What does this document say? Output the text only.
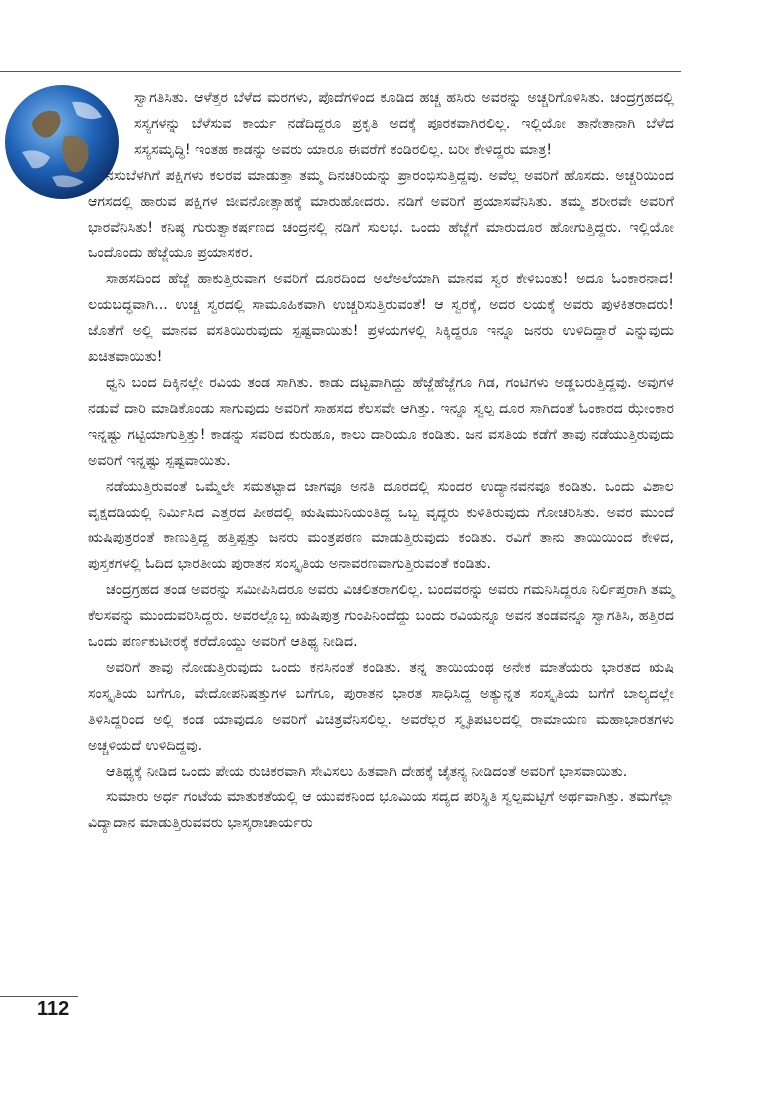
ಸ್ವಾಗತಿಸಿತು. ಆಳೆತ್ತರ ಬೆಳೆದ ಮರಗಳು, ಪೊದೆಗಳಿಂದ ಕೂಡಿದ ಹಚ್ಚ ಹಸಿರು ಅವರನ್ನು ಅಚ್ಚರಿಗೊಳಿಸಿತು. ಚಂದ್ರಗ್ರಹದಲ್ಲಿ ಸಸ್ಯಗಳನ್ನು ಬೆಳೆಸುವ ಕಾರ್ಯ ನಡೆದಿದ್ದರೂ ಪ್ರಕೃತಿ ಅದಕ್ಕೆ ಪೂರಕವಾಗಿರಲಿಲ್ಲ. ಇಲ್ಲಿಯೋ ತಾನೇತಾನಾಗಿ ಬೆಳೆದ ಸಸ್ಯಸಮೃದ್ಧಿ! ಇಂತಹ ಕಾಡನ್ನು ಅವರು ಯಾರೂ ಈವರೆಗೆ ಕಂಡಿರಲಿಲ್ಲ. ಬರೀ ಕೇಳಿದ್ದರು ಮಾತ್ರ!

ನಸುಬೆಳಗಿಗೆ ಪಕ್ಷಿಗಳು ಕಲರವ ಮಾಡುತ್ತಾ ತಮ್ಮ ದಿನಚರಿಯನ್ನು ಪ್ರಾರಂಭಿಸುತ್ತಿದ್ದವು. ಅವೆಲ್ಲ ಅವರಿಗೆ ಹೊಸದು. ಅಚ್ಚರಿಯಿಂದ ಆಗಸದಲ್ಲಿ ಹಾರುವ ಪಕ್ಷಿಗಳ ಜೀವನೋತ್ಸಾಹಕ್ಕೆ ಮಾರುಹೋದರು. ನಡಿಗೆ ಅವರಿಗೆ ಪ್ರಯಾಸವೆನಿಸಿತು. ತಮ್ಮ ಶರೀರವೇ ಅವರಿಗೆ ಭಾರವೆನಿಸಿತು! ಕನಿಷ್ಠ ಗುರುತ್ವಾಕರ್ಷಣದ ಚಂದ್ರನಲ್ಲಿ ನಡಿಗೆ ಸುಲಭ. ಒಂದು ಹೆಜ್ಜೆಗೆ ಮಾರುದೂರ ಹೋಗುತ್ತಿದ್ದರು. ಇಲ್ಲಿಯೋ ಒಂದೊಂದು ಹೆಜ್ಜೆಯೂ ಪ್ರಯಾಸಕರ.

ಸಾಹಸದಿಂದ ಹೆಜ್ಜೆ ಹಾಕುತ್ತಿರುವಾಗ ಅವರಿಗೆ ದೂರದಿಂದ ಅಲೆಅಲೆಯಾಗಿ ಮಾನವ ಸ್ವರ ಕೇಳಿಬಂತು! ಅದೂ ಓಂಕಾರನಾದ! ಲಯಬದ್ಧವಾಗಿ... ಉಚ್ಚ ಸ್ವರದಲ್ಲಿ ಸಾಮೂಹಿಕವಾಗಿ ಉಚ್ಚರಿಸುತ್ತಿರುವಂತೆ! ಆ ಸ್ವರಕ್ಕೆ, ಅದರ ಲಯಕ್ಕೆ ಅವರು ಪುಳಕಿತರಾದರು! ಜೊತೆಗೆ ಅಲ್ಲಿ ಮಾನವ ವಸತಿಯಿರುವುದು ಸ್ಪಷ್ಟವಾಯಿತು! ಪ್ರಳಯಗಳಲ್ಲಿ ಸಿಕ್ಕಿದ್ದರೂ ಇನ್ನೂ ಜನರು ಉಳಿದಿದ್ದಾರೆ ಎನ್ನುವುದು ಖಚಿತವಾಯಿತು!

ಧ್ವನಿ ಬಂದ ದಿಕ್ಕಿನಲ್ಲೇ ರವಿಯ ತಂಡ ಸಾಗಿತು. ಕಾಡು ದಟ್ಟವಾಗಿದ್ದು ಹೆಜ್ಜೆಹೆಜ್ಜೆಗೂ ಗಿಡ, ಗಂಟಿಗಳು ಅಡ್ಡಬರುತ್ತಿದ್ದವು. ಅವುಗಳ ನಡುವೆ ದಾರಿ ಮಾಡಿಕೊಂಡು ಸಾಗುವುದು ಅವರಿಗೆ ಸಾಹಸದ ಕೆಲಸವೇ ಆಗಿತ್ತು. ಇನ್ನೂ ಸ್ವಲ್ಪ ದೂರ ಸಾಗಿದಂತೆ ಓಂಕಾರದ ಝೇಂಕಾರ ಇನ್ನಷ್ಟು ಗಟ್ಟಿಯಾಗುತ್ತಿತ್ತು! ಕಾಡನ್ನು ಸವರಿದ ಕುರುಹೂ, ಕಾಲು ದಾರಿಯೂ ಕಂಡಿತು. ಜನ ವಸತಿಯ ಕಡೆಗೆ ತಾವು ನಡೆಯುತ್ತಿರುವುದು ಅವರಿಗೆ ಇನ್ನಷ್ಟು ಸ್ಪಷ್ಟವಾಯಿತು.

ನಡೆಯುತ್ತಿರುವಂತೆ ಒಮ್ಮೆಲೇ ಸಮತಟ್ಟಾದ ಜಾಗವೂ ಅನತಿ ದೂರದಲ್ಲಿ ಸುಂದರ ಉದ್ಯಾನವನವೂ ಕಂಡಿತು. ಒಂದು ವಿಶಾಲ ವೃಕ್ಷದಡಿಯಲ್ಲಿ ನಿರ್ಮಿಸಿದ ಎತ್ತರದ ಪೀಠದಲ್ಲಿ ಋಷಿಮುನಿಯಂತಿದ್ದ ಒಬ್ಬ ವೃದ್ಧರು ಕುಳಿತಿರುವುದು ಗೋಚರಿಸಿತು. ಅವರ ಮುಂದೆ ಋಷಿಪುತ್ರರಂತೆ ಕಾಣುತ್ತಿದ್ದ ಹತ್ತಿಪ್ಪತ್ತು ಜನರು ಮಂತ್ರಪಠಣ ಮಾಡುತ್ತಿರುವುದು ಕಂಡಿತು. ರವಿಗೆ ತಾನು ತಾಯಿಯಿಂದ ಕೇಳಿದ, ಪುಸ್ತಕಗಳಲ್ಲಿ ಓದಿದ ಭಾರತೀಯ ಪುರಾತನ ಸಂಸ್ಕೃತಿಯ ಅನಾವರಣವಾಗುತ್ತಿರುವಂತೆ ಕಂಡಿತು.

ಚಂದ್ರಗ್ರಹದ ತಂಡ ಅವರನ್ನು ಸಮೀಪಿಸಿದರೂ ಅವರು ವಿಚಲಿತರಾಗಲಿಲ್ಲ. ಬಂದವರನ್ನು ಅವರು ಗಮನಿಸಿದ್ದರೂ ನಿರ್ಲಿಪ್ತರಾಗಿ ತಮ್ಮ ಕೆಲಸವನ್ನು ಮುಂದುವರಿಸಿದ್ದರು. ಅವರಲ್ಲೊಬ್ಬ ಋಷಿಪುತ್ರ ಗುಂಪಿನಿಂದೆದ್ದು ಬಂದು ರವಿಯನ್ನೂ ಅವನ ತಂಡವನ್ನೂ ಸ್ವಾಗತಿಸಿ, ಹತ್ತಿರದ ಒಂದು ಪರ್ಣಕುಟೀರಕ್ಕೆ ಕರೆದೊಯ್ದು ಅವರಿಗೆ ಆತಿಥ್ಯ ನೀಡಿದ.

ಅವರಿಗೆ ತಾವು ನೋಡುತ್ತಿರುವುದು ಒಂದು ಕನಸಿನಂತೆ ಕಂಡಿತು. ತನ್ನ ತಾಯಿಯಂಥ ಅನೇಕ ಮಾತೆಯರು ಭಾರತದ ಋಷಿ ಸಂಸ್ಕೃತಿಯ ಬಗೆಗೂ, ವೇದೋಪನಿಷತ್ತುಗಳ ಬಗೆಗೂ, ಪುರಾತನ ಭಾರತ ಸಾಧಿಸಿದ್ದ ಅತ್ಯುನ್ನತ ಸಂಸ್ಕೃತಿಯ ಬಗೆಗೆ ಬಾಲ್ಯದಲ್ಲೇ ತಿಳಿಸಿದ್ದರಿಂದ ಅಲ್ಲಿ ಕಂಡ ಯಾವುದೂ ಅವರಿಗೆ ವಿಚಿತ್ರವೆನಿಸಲಿಲ್ಲ. ಅವರೆಲ್ಲರ ಸ್ಮೃತಿಪಟಲದಲ್ಲಿ ರಾಮಾಯಣ ಮಹಾಭಾರತಗಳು ಅಚ್ಚಳಿಯದೆ ಉಳಿದಿದ್ದವು.

ಆತಿಥ್ಯಕ್ಕೆ ನೀಡಿದ ಒಂದು ಪೇಯ ರುಚಿಕರವಾಗಿ ಸೇವಿಸಲು ಹಿತವಾಗಿ ದೇಹಕ್ಕೆ ಚೈತನ್ಯ ನೀಡಿದಂತೆ ಅವರಿಗೆ ಭಾಸವಾಯಿತು.

ಸುಮಾರು ಅರ್ಧ ಗಂಟೆಯ ಮಾತುಕತೆಯಲ್ಲಿ ಆ ಯುವಕನಿಂದ ಭೂಮಿಯ ಸದ್ಯದ ಪರಿಸ್ಥಿತಿ ಸ್ವಲ್ಪಮಟ್ಟಿಗೆ ಅರ್ಥವಾಗಿತ್ತು. ತಮಗೆಲ್ಲಾ ವಿದ್ಯಾದಾನ ಮಾಡುತ್ತಿರುವವರು ಭಾಸ್ಕರಾಚಾರ್ಯರು

112
